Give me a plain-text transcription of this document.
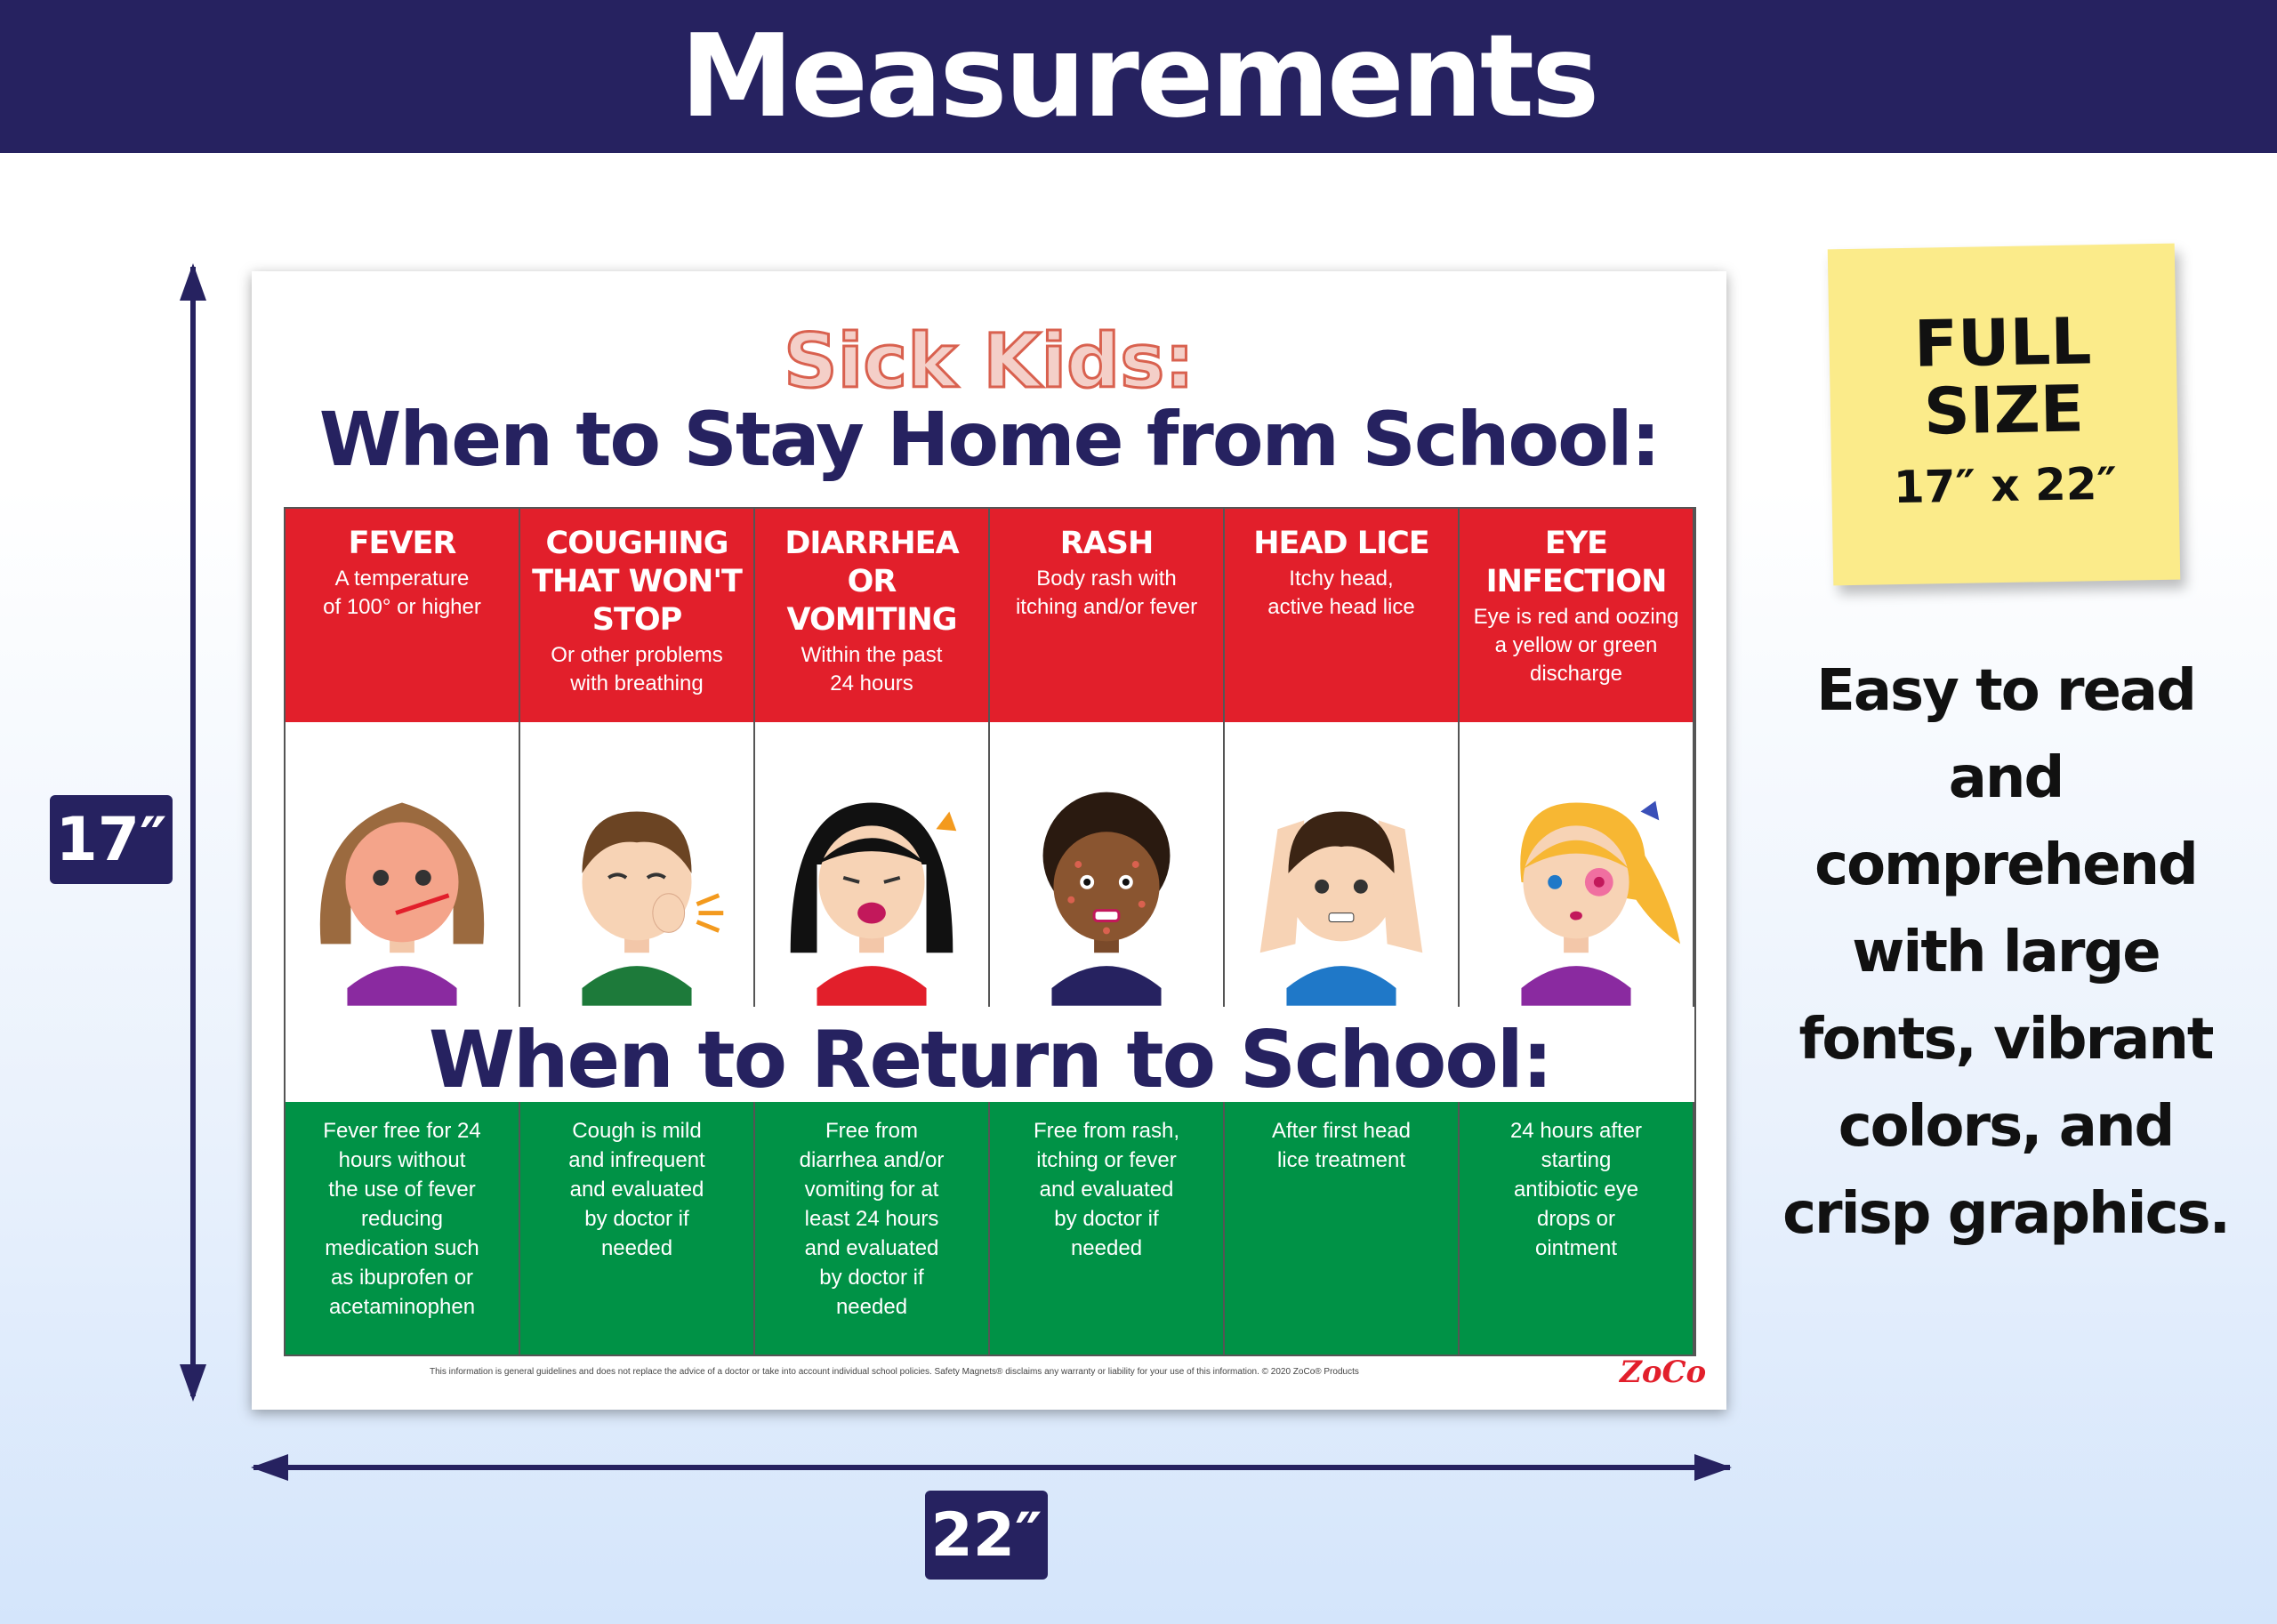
Measurements
17″
22″
Sick Kids:
When to Stay Home from School:
FEVER
A temperature
of 100° or higher
Fever free for 24
hours without
the use of fever
reducing
medication such
as ibuprofen or
acetaminophen
COUGHING
THAT WON'T
STOP
Or other problems
with breathing
Cough is mild
and infrequent
and evaluated
by doctor if
needed
DIARRHEA
OR
VOMITING
Within the past
24 hours
Free from
diarrhea and/or
vomiting for at
least 24 hours
and evaluated
by doctor if
needed
RASH
Body rash with
itching and/or fever
Free from rash,
itching or fever
and evaluated
by doctor if
needed
HEAD LICE
Itchy head,
active head lice
After first head
lice treatment
EYE
INFECTION
Eye is red and oozing
a yellow or green
discharge
24 hours after
starting
antibiotic eye
drops or
ointment
When to Return to School:
This information is general guidelines and does not replace the advice of a doctor or take into account individual school policies. Safety Magnets® disclaims any warranty or liability for your use of this information. © 2020 ZoCo® Products	ZoCo
FULL
SIZE
17″ x 22″
Easy to read
and
comprehend
with large
fonts, vibrant
colors, and
crisp graphics.
